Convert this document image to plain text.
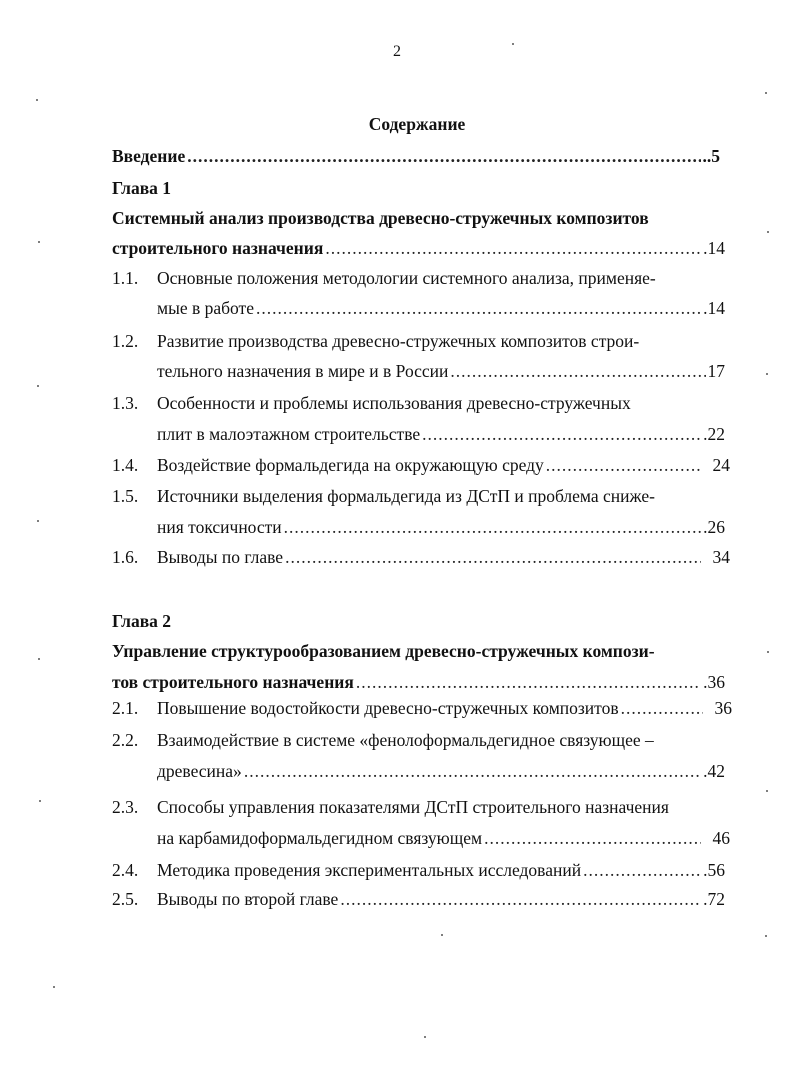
2
Содержание
Введение .....	..5
Глава 1
Системный анализ производства древесно-стружечных композитов
строительного назначения .....	.14
1.1.	Основные положения методологии системного анализа, применяе-
мые в работе .....	.14
1.2.	Развитие производства древесно-стружечных композитов строи-
тельного назначения в мире и в России .....	17
1.3.	Особенности и проблемы использования древесно-стружечных
плит в малоэтажном строительстве .....	.22
1.4.	Воздействие формальдегида на окружающую среду .....	24
1.5.	Источники выделения формальдегида из ДСтП и проблема сниже-
ния токсичности .....	.26
1.6.	Выводы по главе .....	34
Глава 2
Управление структурообразованием древесно-стружечных компози-
тов строительного назначения .....	.36
2.1.	Повышение водостойкости древесно-стружечных композитов .....	36
2.2.	Взаимодействие в системе «фенолоформальдегидное связующее –
древесина» .....	.42
2.3.	Способы управления показателями ДСтП строительного назначения
на карбамидоформальдегидном связующем .....	46
2.4.	Методика проведения экспериментальных исследований .....	.56
2.5.	Выводы по второй главе .....	.72
